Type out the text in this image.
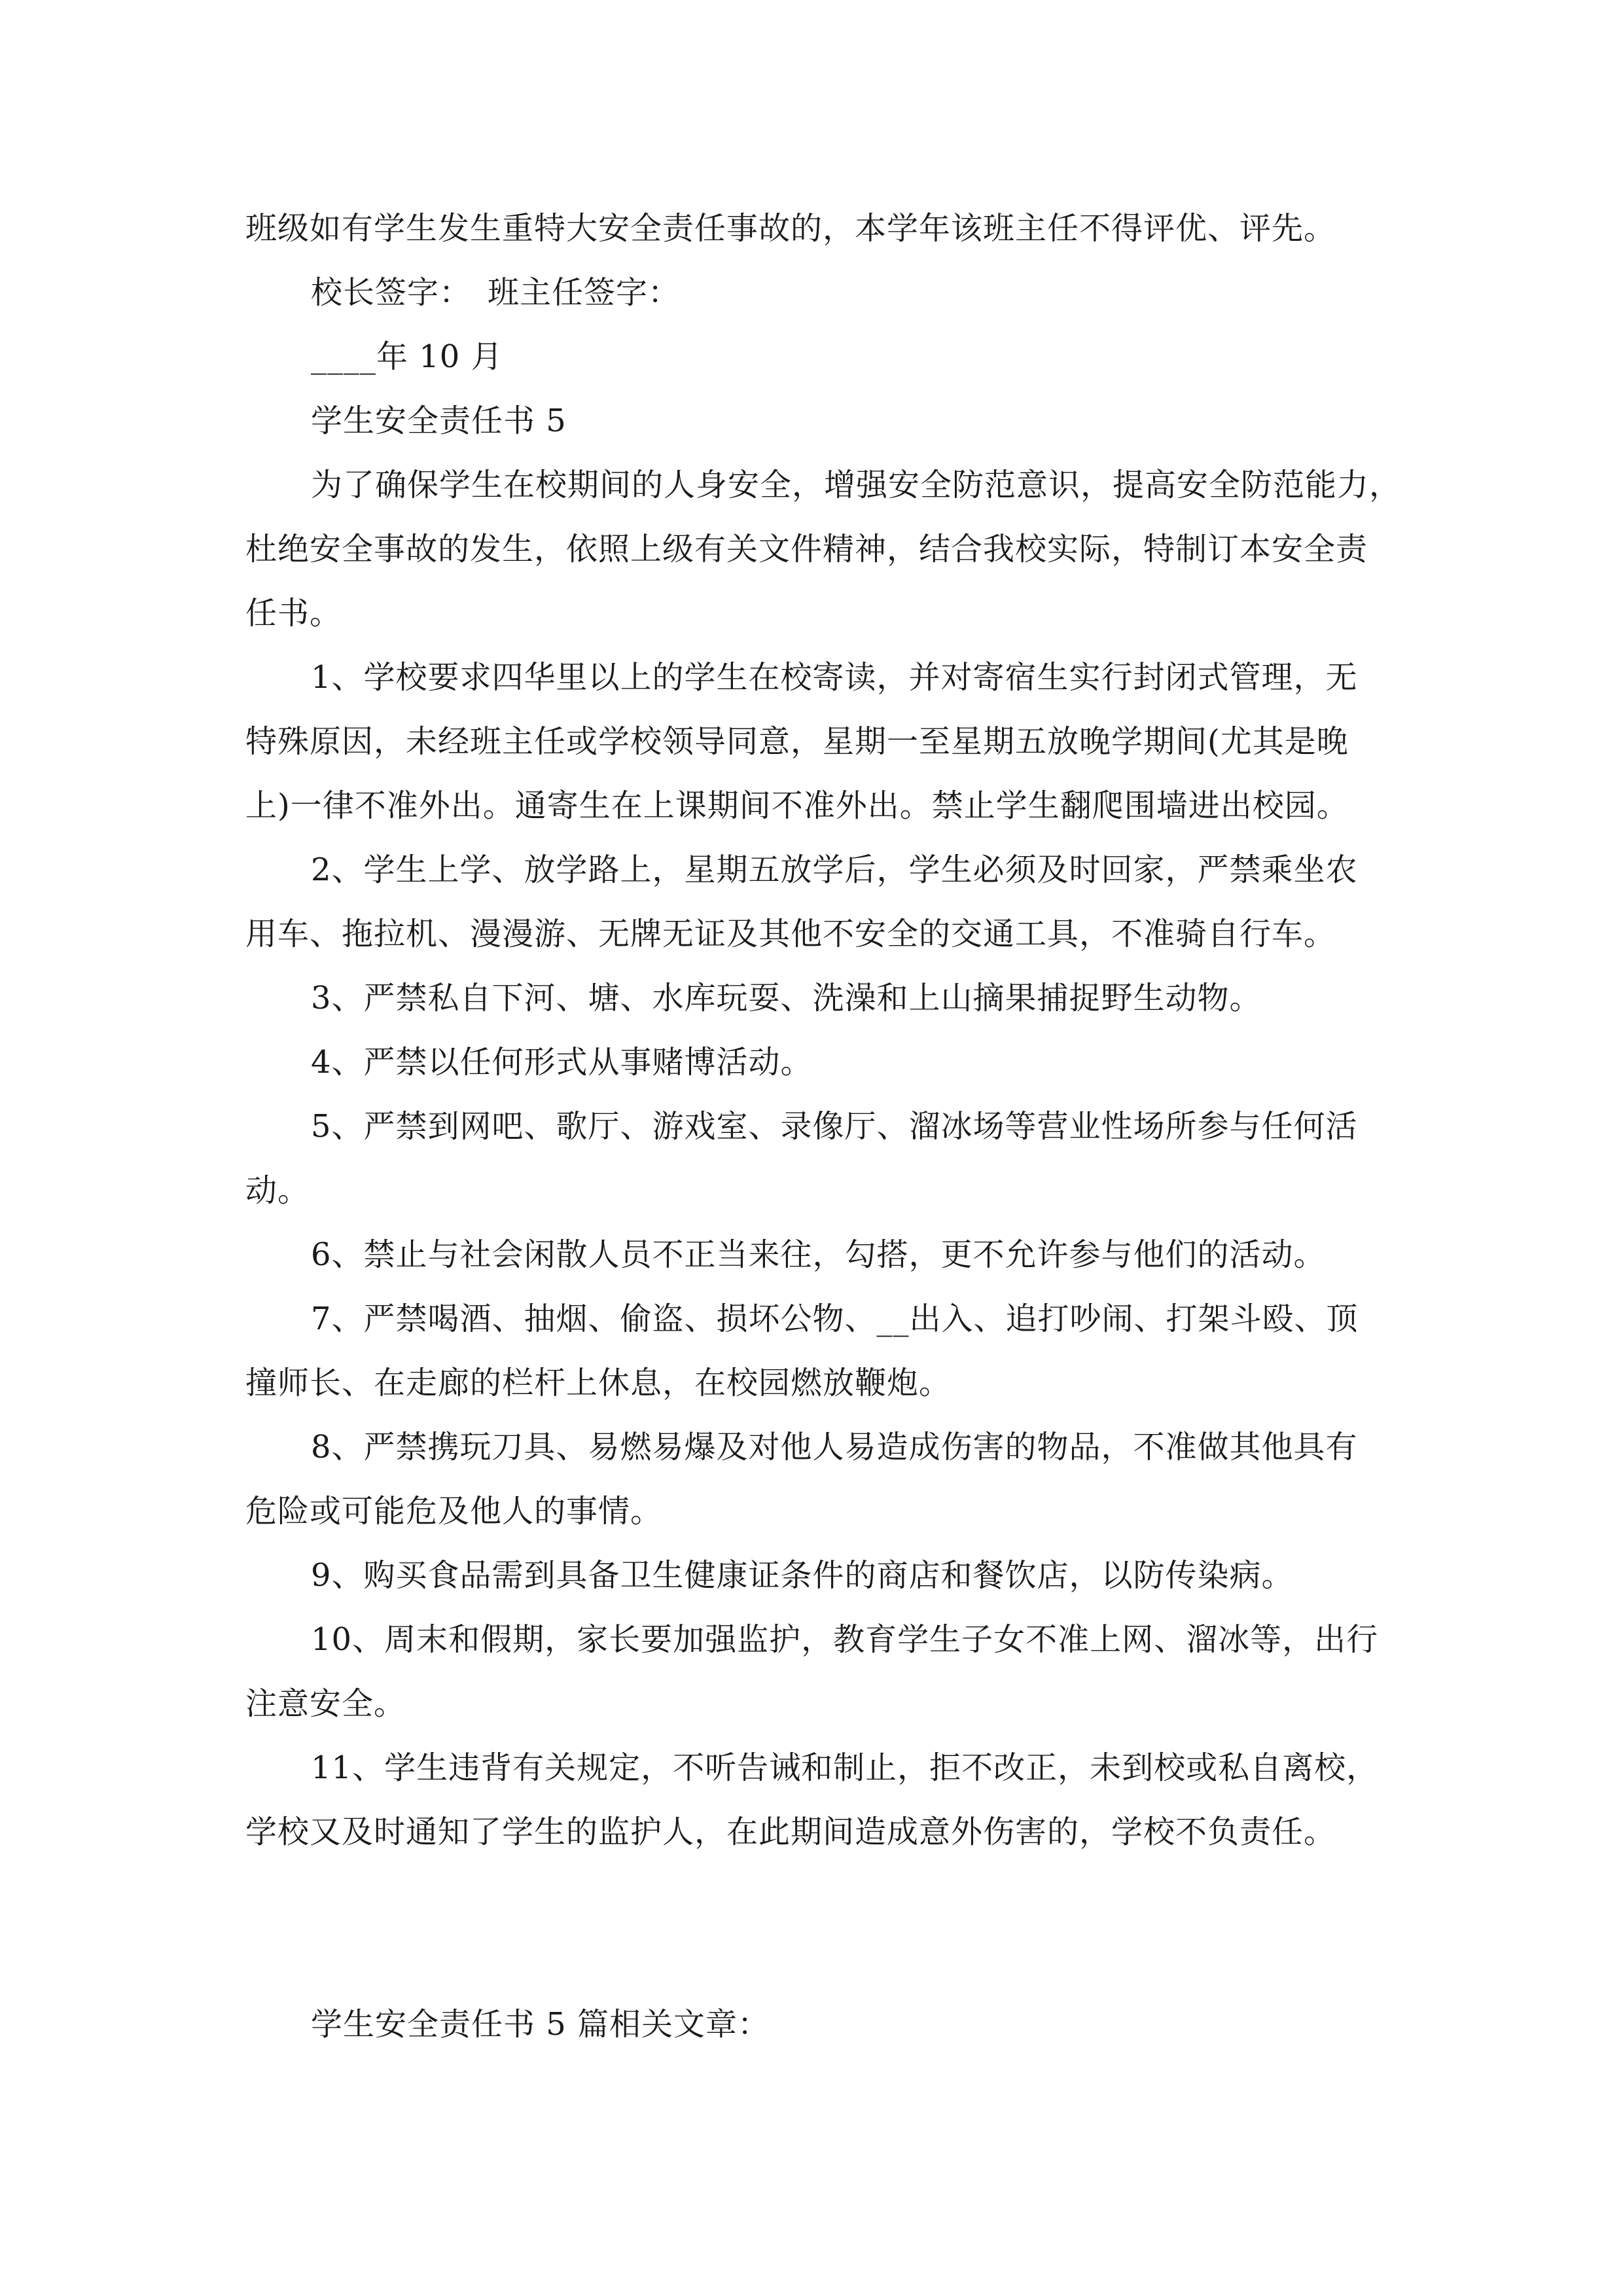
班级如有学生发生重特大安全责任事故的，本学年该班主任不得评优、评先。
校长签字：　班主任签字：
____年 10 月
学生安全责任书 5
为了确保学生在校期间的人身安全，增强安全防范意识，提高安全防范能力，
杜绝安全事故的发生，依照上级有关文件精神，结合我校实际，特制订本安全责
任书。
1、学校要求四华里以上的学生在校寄读，并对寄宿生实行封闭式管理，无
特殊原因，未经班主任或学校领导同意，星期一至星期五放晚学期间(尤其是晚
上)一律不准外出。通寄生在上课期间不准外出。禁止学生翻爬围墙进出校园。
2、学生上学、放学路上，星期五放学后，学生必须及时回家，严禁乘坐农
用车、拖拉机、漫漫游、无牌无证及其他不安全的交通工具，不准骑自行车。
3、严禁私自下河、塘、水库玩耍、洗澡和上山摘果捕捉野生动物。
4、严禁以任何形式从事赌博活动。
5、严禁到网吧、歌厅、游戏室、录像厅、溜冰场等营业性场所参与任何活
动。
6、禁止与社会闲散人员不正当来往，勾搭，更不允许参与他们的活动。
7、严禁喝酒、抽烟、偷盗、损坏公物、__出入、追打吵闹、打架斗殴、顶
撞师长、在走廊的栏杆上休息，在校园燃放鞭炮。
8、严禁携玩刀具、易燃易爆及对他人易造成伤害的物品，不准做其他具有
危险或可能危及他人的事情。
9、购买食品需到具备卫生健康证条件的商店和餐饮店，以防传染病。
10、周末和假期，家长要加强监护，教育学生子女不准上网、溜冰等，出行
注意安全。
11、学生违背有关规定，不听告诫和制止，拒不改正，未到校或私自离校，
学校又及时通知了学生的监护人，在此期间造成意外伤害的，学校不负责任。
学生安全责任书 5 篇相关文章：
